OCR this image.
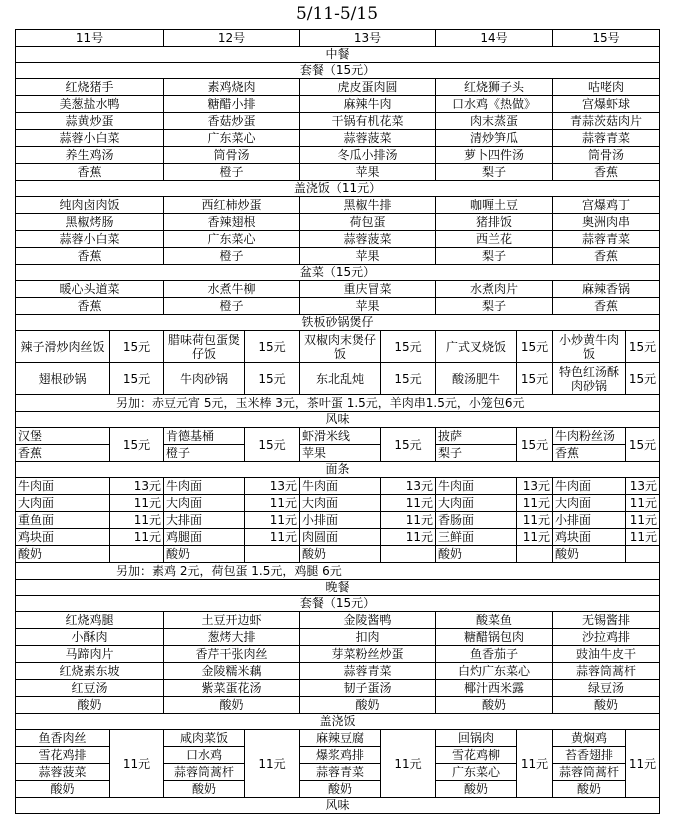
5/11-5/15
11号		12号		13号		14号		15号	
中餐									
套餐（15元）									
红烧猪手		素鸡烧肉		虎皮蛋肉圆		红烧狮子头		咕咾肉	
美葱盐水鸭		糖醋小排		麻辣牛肉		口水鸡《热做》		宫爆虾球	
蒜黄炒蛋		香菇炒蛋		干锅有机花菜		肉末蒸蛋		青蒜茨菇肉片	
蒜蓉小白菜		广东菜心		蒜蓉菠菜		清炒笋瓜		蒜蓉青菜	
养生鸡汤		筒骨汤		冬瓜小排汤		萝卜四件汤		筒骨汤	
香蕉		橙子		苹果		梨子		香蕉	
盖浇饭（11元）									
纯肉卤肉饭		西红柿炒蛋		黑椒牛排		咖喱土豆		宫爆鸡丁	
黑椒烤肠		香辣翅根		荷包蛋		猪排饭		奥洲肉串	
蒜蓉小白菜		广东菜心		蒜蓉菠菜		西兰花		蒜蓉青菜	
香蕉		橙子		苹果		梨子		香蕉	
盆菜（15元）									
暖心头道菜		水煮牛柳		重庆冒菜		水煮肉片		麻辣香锅	
香蕉		橙子		苹果		梨子		香蕉	
铁板砂锅煲仔									
辣子滑炒肉丝饭	15元	腊味荷包蛋煲仔饭	15元	双椒肉末煲仔饭	15元	广式叉烧饭	15元	小炒黄牛肉饭	15元
翅根砂锅	15元	牛肉砂锅	15元	东北乱炖	15元	酸汤肥牛	15元	特色红汤酥肉砂锅	15元
另加：赤豆元宵 5元，玉米棒 3元，茶叶蛋 1.5元，羊肉串1.5元，小笼包6元									
风味									
汉堡	15元	肯德基桶	15元	虾滑米线	15元	披萨	15元	牛肉粉丝汤	15元
香蕉		橙子		苹果		梨子		香蕉	
面条									
牛肉面	13元	牛肉面	13元	牛肉面	13元	牛肉面	13元	牛肉面	13元
大肉面	11元	大肉面	11元	大肉面	11元	大肉面	11元	大肉面	11元
重鱼面	11元	大排面	11元	小排面	11元	香肠面	11元	小排面	11元
鸡块面	11元	鸡腿面	11元	肉圆面	11元	三鲜面	11元	鸡块面	11元
酸奶		酸奶		酸奶		酸奶		酸奶	
另加：素鸡 2元，荷包蛋 1.5元，鸡腿 6元									
晚餐									
套餐（15元）									
红烧鸡腿		土豆开边虾		金陵酱鸭		酸菜鱼		无锡酱排	
小酥肉		葱烤大排		扣肉		糖醋锅包肉		沙拉鸡排	
马蹄肉片		香芹干张肉丝		芽菜粉丝炒蛋		鱼香茄子		豉油牛皮干	
红烧素东坡		金陵糯米藕		蒜蓉青菜		白灼广东菜心		蒜蓉筒蒿杆	
红豆汤		紫菜蛋花汤		韧子蛋汤		椰汁西米露		绿豆汤	
酸奶		酸奶		酸奶		酸奶		酸奶	
盖浇饭									
鱼香肉丝	11元	咸肉菜饭	11元	麻辣豆腐	11元	回锅肉	11元	黄焖鸡	11元
雪花鸡排		口水鸡		爆浆鸡排		雪花鸡柳		苔香翅排	
蒜蓉菠菜		蒜蓉筒蒿杆		蒜蓉青菜		广东菜心		蒜蓉筒蒿杆	
酸奶		酸奶		酸奶		酸奶		酸奶	
风味									
